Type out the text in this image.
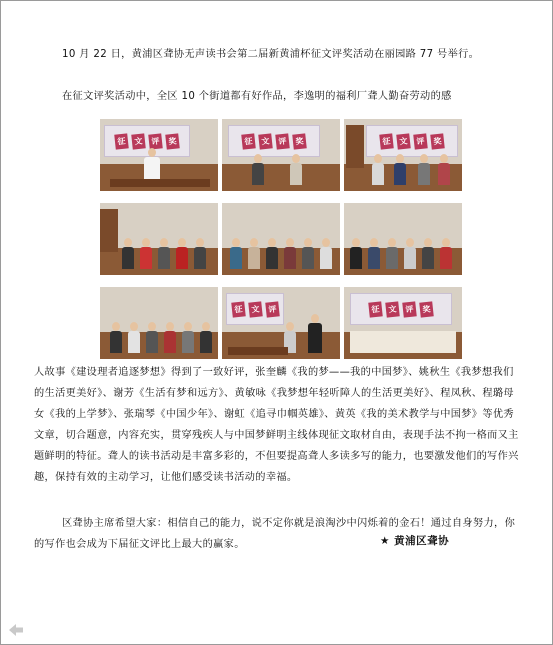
10 月 22 日，黄浦区聋协无声读书会第二届新黄浦杯征文评奖活动在丽园路 77 号举行。

在征文评奖活动中，全区 10 个街道都有好作品，李逸明的福利厂聋人勤奋劳动的感

征	文	评	奖	征	文	评	奖	征	文	评	奖
征	文	评	征	文	评	奖

人故事《建设理者追逐梦想》得到了一致好评，张奎麟《我的梦——我的中国梦》、姚秋生《我梦想我们的生活更美好》、谢芳《生活有梦和远方》、黄敏咏《我梦想年轻听障人的生活更美好》、程凤秋、程璐母女《我的上学梦》、张瑞琴《中国少年》、谢虹《追寻巾帼英雄》、黄英《我的美术教学与中国梦》等优秀文章，切合题意，内容充实，贯穿残疾人与中国梦鲜明主线体现征文取材自由，表现手法不拘一格而又主题鲜明的特征。聋人的读书活动是丰富多彩的，不但要提高聋人多读多写的能力，也要激发他们的写作兴趣，保持有效的主动学习，让他们感受读书活动的幸福。

区聋协主席希望大家：相信自己的能力，说不定你就是浪淘沙中闪烁着的金石！通过自身努力，你的写作也会成为下届征文评比上最大的赢家。	★ 黄浦区聋协
